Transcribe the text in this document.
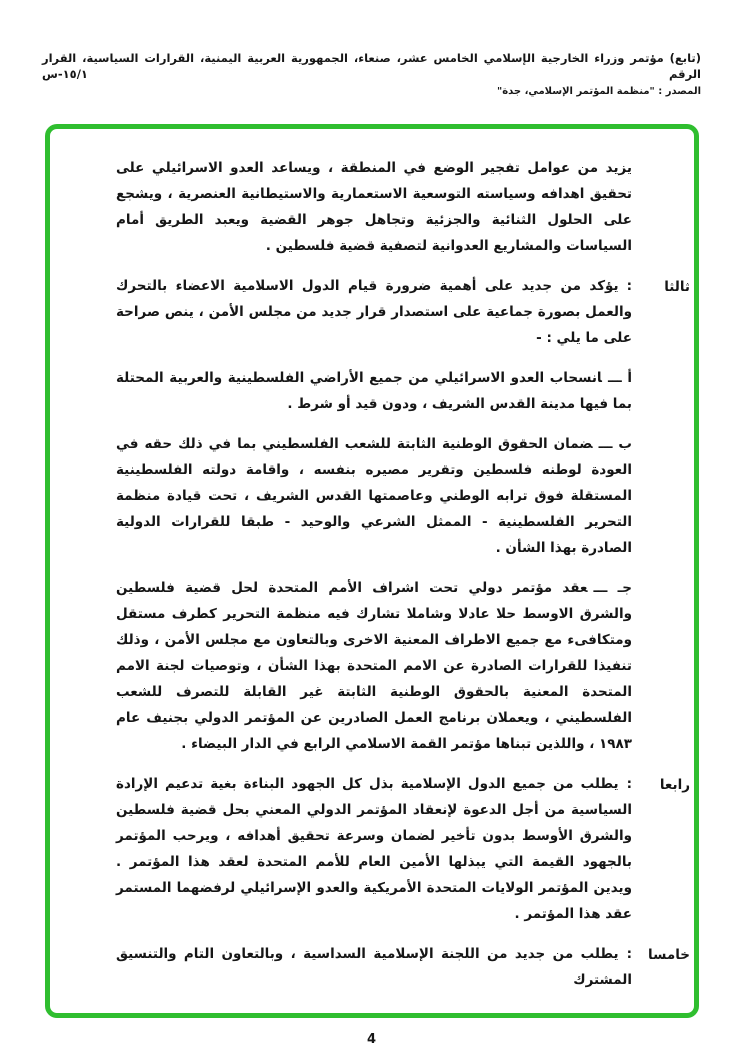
(تابع) مؤتمر وزراء الخارجية الإسلامي الخامس عشر، صنعاء، الجمهورية العربية اليمنية، القرارات السياسية، القرار الرقم ١٥/١-س
المصدر : "منظمة المؤتمر الإسلامي، جدة"

يزيد من عوامل تفجير الوضع في المنطقة ، ويساعد العدو الاسرائيلي على تحقيق اهدافه وسياسته التوسعية الاستعمارية والاستيطانية العنصرية ، ويشجع على الحلول الثنائية والجزئية وتجاهل جوهر القضية ويعبد الطريق أمام السياسات والمشاريع العدوانية لتصفية قضية فلسطين .

ثالثا

:يؤكد من جديد على أهمية ضرورة قيام الدول الاسلامية الاعضاء بالتحرك والعمل بصورة جماعية على استصدار قرار جديد من مجلس الأمن ، ينص صراحة على ما يلي : -

أ ـــانسحاب العدو الاسرائيلي من جميع الأراضي الفلسطينية والعربية المحتلة بما فيها مدينة القدس الشريف ، ودون قيد أو شرط .
ب ـــضمان الحقوق الوطنية الثابتة للشعب الفلسطيني بما في ذلك حقه في العودة لوطنه فلسطين وتقرير مصيره بنفسه ، واقامة دولته الفلسطينية المستقلة فوق ترابه الوطني وعاصمتها القدس الشريف ، تحت قيادة منظمة التحرير الفلسطينية - الممثل الشرعي والوحيد - طبقا للقرارات الدولية الصادرة بهذا الشأن .
جـ ـــعقد مؤتمر دولي تحت اشراف الأمم المتحدة لحل قضية فلسطين والشرق الاوسط حلا عادلا وشاملا تشارك فيه منظمة التحرير كطرف مستقل ومتكافىء مع جميع الاطراف المعنية الاخرى وبالتعاون مع مجلس الأمن ، وذلك تنفيذا للقرارات الصادرة عن الامم المتحدة بهذا الشأن ، وتوصيات لجنة الامم المتحدة المعنية بالحقوق الوطنية الثابتة غير القابلة للتصرف للشعب الفلسطيني ، ويعملان برنامج العمل الصادرين عن المؤتمر الدولي بجنيف عام ١٩٨٣ ، واللذين تبناها مؤتمر القمة الاسلامي الرابع في الدار البيضاء .
رابعا

:يطلب من جميع الدول الإسلامية بذل كل الجهود البناءة بغية تدعيم الإرادة السياسية من أجل الدعوة لإنعقاد المؤتمر الدولي المعني بحل قضية فلسطين والشرق الأوسط بدون تأخير لضمان وسرعة تحقيق أهدافه ، ويرحب المؤتمر بالجهود القيمة التي يبذلها الأمين العام للأمم المتحدة لعقد هذا المؤتمر . ويدين المؤتمر الولايات المتحدة الأمريكية والعدو الإسرائيلي لرفضهما المستمر عقد هذا المؤتمر .

خامسا

:يطلب من جديد من اللجنة الإسلامية السداسية ، وبالتعاون التام والتنسيق المشترك

4
